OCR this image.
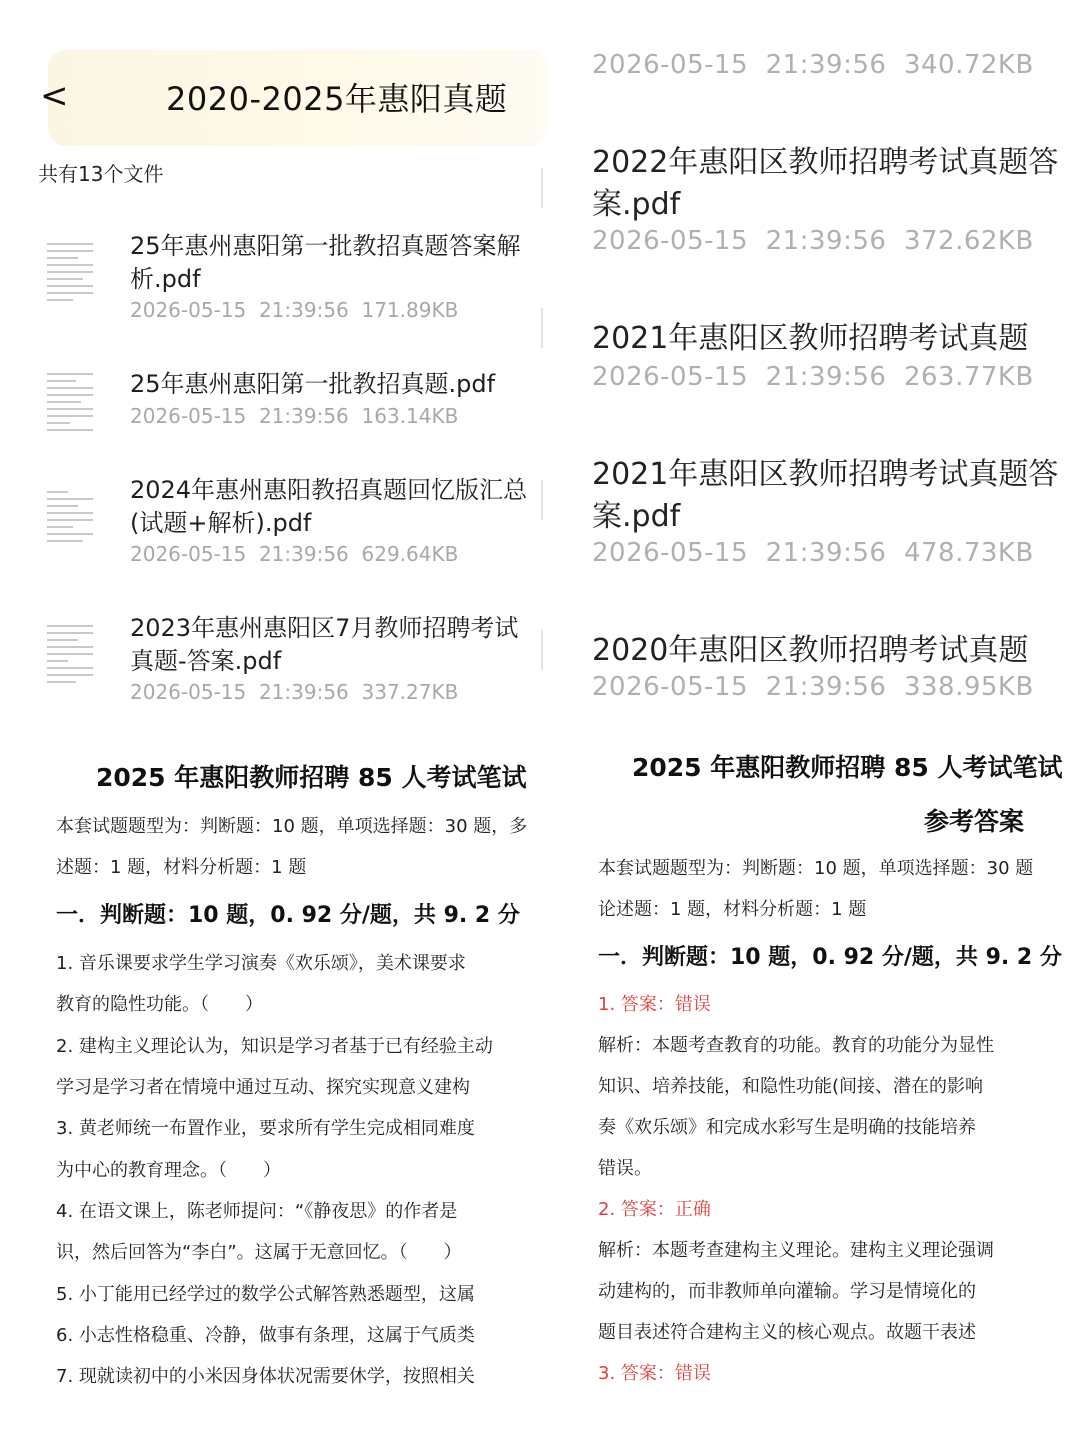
<	2020-2025年惠阳真题
共有13个文件
25年惠州惠阳第一批教招真题答案解析.pdf
2026-05-15 21:39:56 171.89KB
25年惠州惠阳第一批教招真题.pdf
2026-05-15 21:39:56 163.14KB
2024年惠州惠阳教招真题回忆版汇总(试题+解析).pdf
2026-05-15 21:39:56 629.64KB
2023年惠州惠阳区7月教师招聘考试真题-答案.pdf
2026-05-15 21:39:56 337.27KB
2026-05-15 21:39:56 340.72KB
2022年惠阳区教师招聘考试真题答
案.pdf
2026-05-15 21:39:56 372.62KB
2021年惠阳区教师招聘考试真题
2026-05-15 21:39:56 263.77KB
2021年惠阳区教师招聘考试真题答
案.pdf
2026-05-15 21:39:56 478.73KB
2020年惠阳区教师招聘考试真题
2026-05-15 21:39:56 338.95KB
2025 年惠阳教师招聘 85 人考试笔试
本套试题题型为：判断题：10 题，单项选择题：30 题，多
述题：1 题，材料分析题：1 题
一．判断题：10 题，0. 92 分/题，共 9. 2 分
1. 音乐课要求学生学习演奏《欢乐颂》，美术课要求
教育的隐性功能。（　　）
2. 建构主义理论认为，知识是学习者基于已有经验主动
学习是学习者在情境中通过互动、探究实现意义建构
3. 黄老师统一布置作业，要求所有学生完成相同难度
为中心的教育理念。（　　）
4. 在语文课上，陈老师提问：“《静夜思》的作者是
识，然后回答为“李白”。这属于无意回忆。（　　）
5. 小丁能用已经学过的数学公式解答熟悉题型，这属
6. 小志性格稳重、冷静，做事有条理，这属于气质类
7. 现就读初中的小米因身体状况需要休学，按照相关
2025 年惠阳教师招聘 85 人考试笔试
参考答案
本套试题题型为：判断题：10 题，单项选择题：30 题
论述题：1 题，材料分析题：1 题
一．判断题：10 题，0. 92 分/题，共 9. 2 分
1. 答案：错误
解析：本题考查教育的功能。教育的功能分为显性
知识、培养技能，和隐性功能(间接、潜在的影响
奏《欢乐颂》和完成水彩写生是明确的技能培养
错误。
2. 答案：正确
解析：本题考查建构主义理论。建构主义理论强调
动建构的，而非教师单向灌输。学习是情境化的
题目表述符合建构主义的核心观点。故题干表述
3. 答案：错误
